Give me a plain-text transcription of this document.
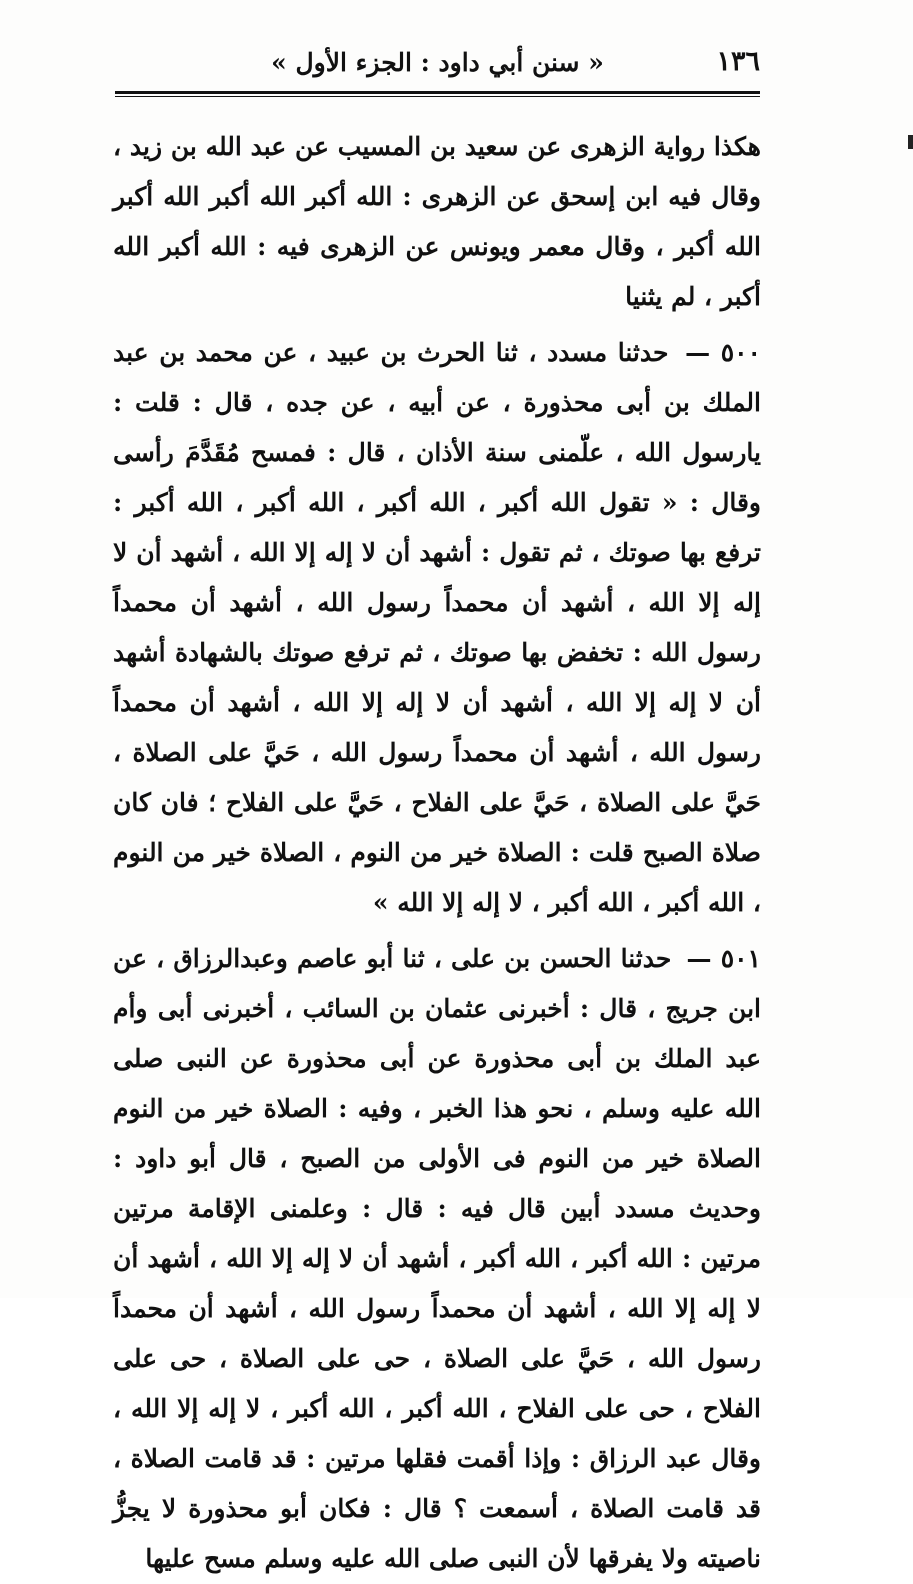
١٣٦
« سنن أبي داود : الجزء الأول »

هكذا رواية الزهرى عن سعيد بن المسيب عن عبد الله بن زيد ، وقال فيه ابن إسحق عن الزهرى : الله أكبر الله أكبر الله أكبر الله أكبر ، وقال معمر ويونس عن الزهرى فيه : الله أكبر الله أكبر ، لم يثنيا

٥٠٠ — حدثنا مسدد ، ثنا الحرث بن عبيد ، عن محمد بن عبد الملك بن أبى محذورة ، عن أبيه ، عن جده ، قال : قلت : يارسول الله ، علّمنى سنة الأذان ، قال : فمسح مُقَدَّمَ رأسى وقال : « تقول الله أكبر ، الله أكبر ، الله أكبر ، الله أكبر : ترفع بها صوتك ، ثم تقول : أشهد أن لا إله إلا الله ، أشهد أن لا إله إلا الله ، أشهد أن محمداً رسول الله ، أشهد أن محمداً رسول الله : تخفض بها صوتك ، ثم ترفع صوتك بالشهادة أشهد أن لا إله إلا الله ، أشهد أن لا إله إلا الله ، أشهد أن محمداً رسول الله ، أشهد أن محمداً رسول الله ، حَيَّ على الصلاة ، حَيَّ على الصلاة ، حَيَّ على الفلاح ، حَيَّ على الفلاح ؛ فان كان صلاة الصبح قلت : الصلاة خير من النوم ، الصلاة خير من النوم ، الله أكبر ، الله أكبر ، لا إله إلا الله »

٥٠١ — حدثنا الحسن بن على ، ثنا أبو عاصم وعبدالرزاق ، عن ابن جريج ، قال : أخبرنى عثمان بن السائب ، أخبرنى أبى وأم عبد الملك بن أبى محذورة عن أبى محذورة عن النبى صلى الله عليه وسلم ، نحو هذا الخبر ، وفيه : الصلاة خير من النوم الصلاة خير من النوم فى الأولى من الصبح ، قال أبو داود : وحديث مسدد أبين قال فيه : قال : وعلمنى الإقامة مرتين مرتين : الله أكبر ، الله أكبر ، أشهد أن لا إله إلا الله ، أشهد أن لا إله إلا الله ، أشهد أن محمداً رسول الله ، أشهد أن محمداً رسول الله ، حَيَّ على الصلاة ، حى على الصلاة ، حى على الفلاح ، حى على الفلاح ، الله أكبر ، الله أكبر ، لا إله إلا الله ، وقال عبد الرزاق : وإذا أقمت فقلها مرتين : قد قامت الصلاة ، قد قامت الصلاة ، أسمعت ؟ قال : فكان أبو محذورة لا يجزُّ ناصيته ولا يفرقها لأن النبى صلى الله عليه وسلم مسح عليها
